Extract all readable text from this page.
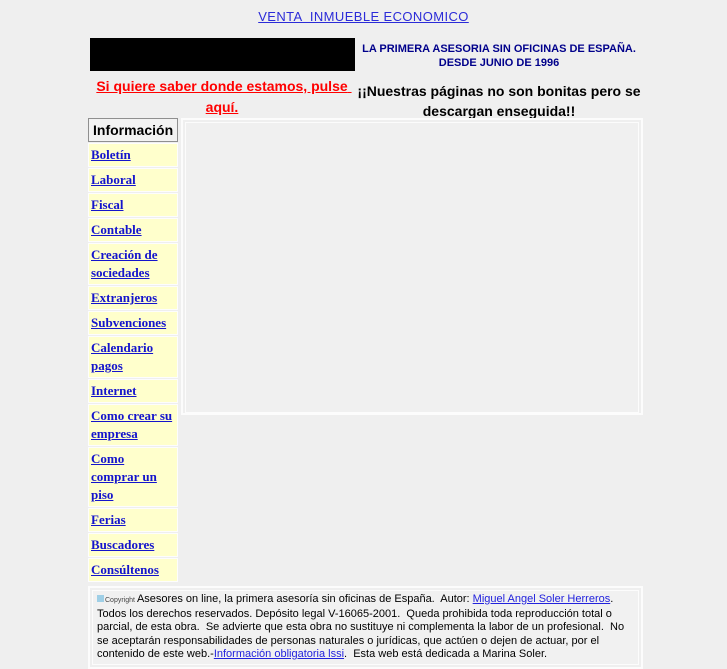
VENTA  INMUEBLE ECONOMICO
Si quiere saber donde estamos, pulse aquí.
LA PRIMERA ASESORIA SIN OFICINAS DE ESPAÑA.
DESDE JUNIO DE 1996
¡¡Nuestras páginas no son bonitas pero se descargan enseguida!!
Información
Boletín
Laboral
Fiscal
Contable
Creación de sociedades
Extranjeros
Subvenciones
Calendario pagos
Internet
Como crear su empresa
Como comprar un piso
Ferias
Buscadores
Consúltenos

Copyright Asesores on line, la primera asesoría sin oficinas de España.  Autor: Miguel Angel Soler Herreros.  Todos los derechos reservados. Depósito legal V-16065-2001.  Queda prohibida toda reproducción total o parcial, de esta obra.  Se advierte que esta obra no sustituye ni complementa la labor de un profesional.  No se aceptarán responsabilidades de personas naturales o jurídicas, que actúen o dejen de actuar, por el contenido de este web.-Información obligatoria lssi.  Esta web está dedicada a Marina Soler.
